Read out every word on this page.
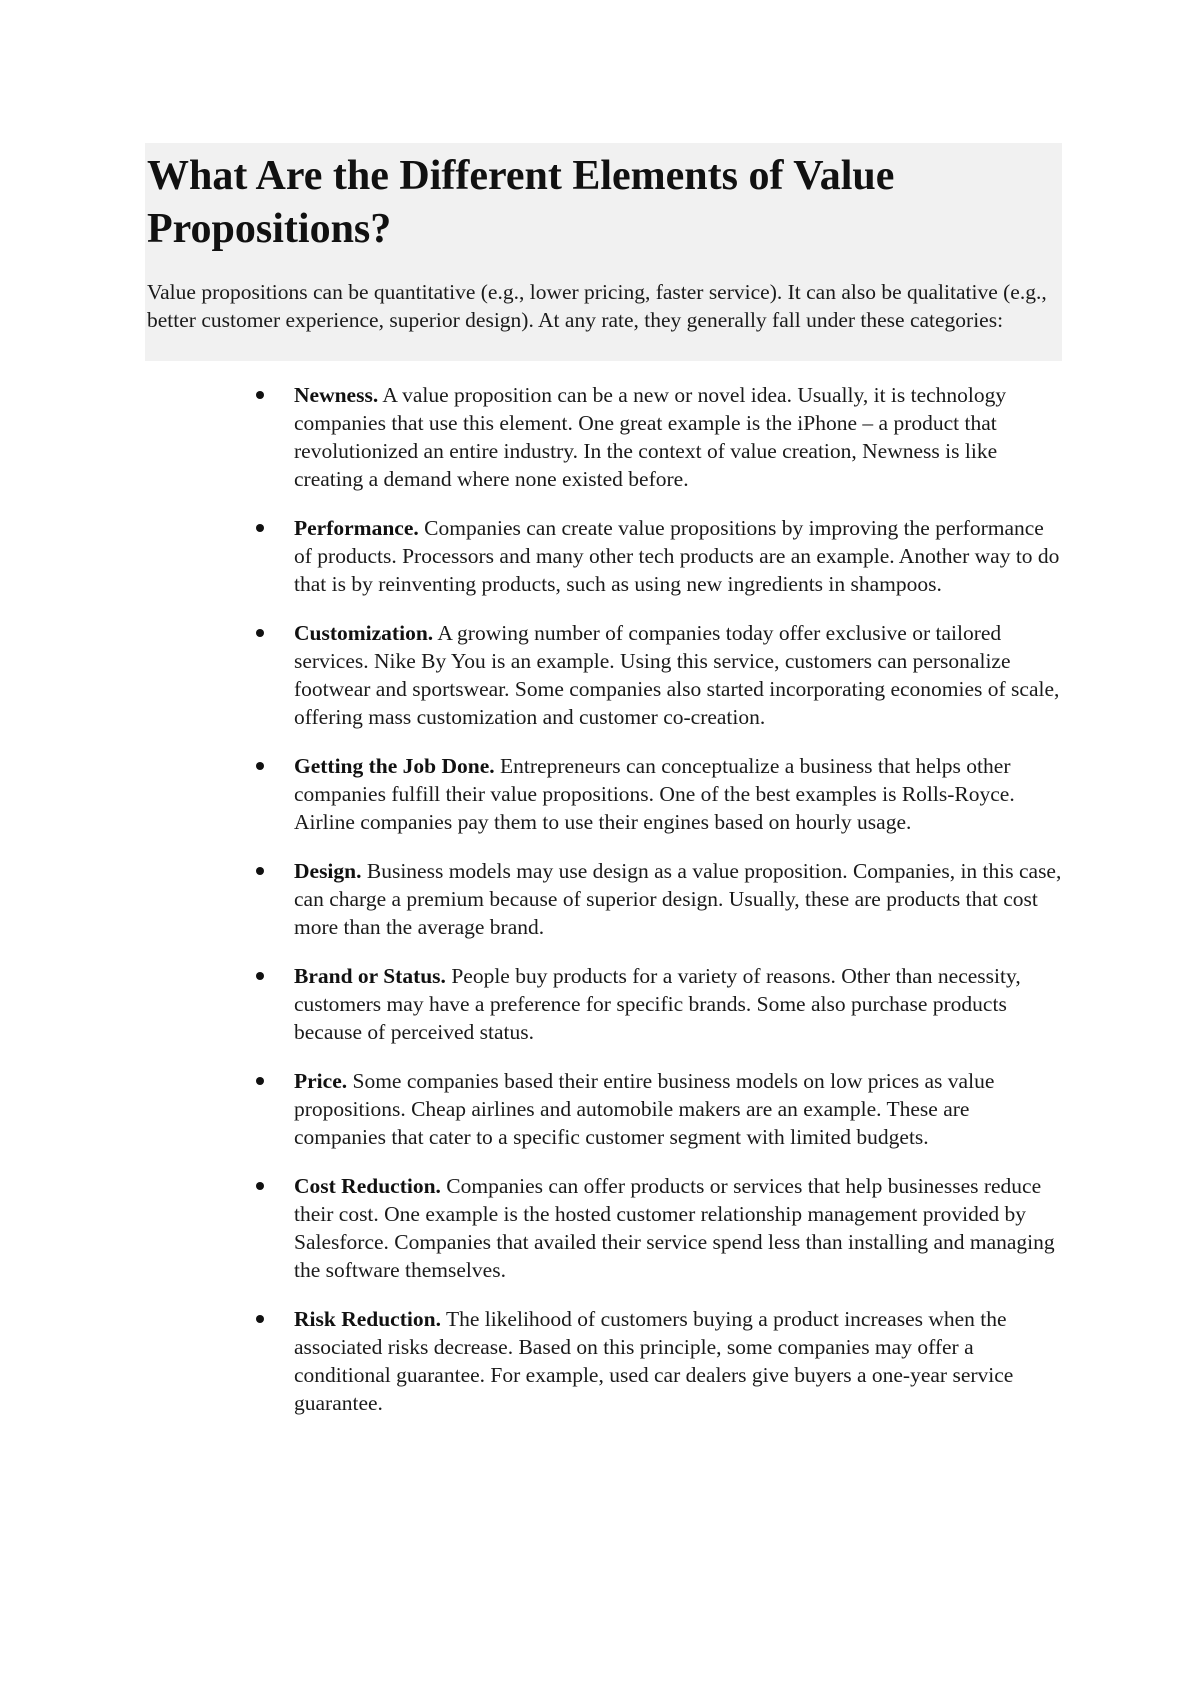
What Are the Different Elements of Value Propositions?

Value propositions can be quantitative (e.g., lower pricing, faster service). It can also be qualitative (e.g., better customer experience, superior design). At any rate, they generally fall under these categories:

Newness. A value proposition can be a new or novel idea. Usually, it is technology companies that use this element. One great example is the iPhone – a product that revolutionized an entire industry. In the context of value creation, Newness is like creating a demand where none existed before.
Performance. Companies can create value propositions by improving the performance of products. Processors and many other tech products are an example. Another way to do that is by reinventing products, such as using new ingredients in shampoos.
Customization. A growing number of companies today offer exclusive or tailored services. Nike By You is an example. Using this service, customers can personalize footwear and sportswear. Some companies also started incorporating economies of scale, offering mass customization and customer co-creation.
Getting the Job Done. Entrepreneurs can conceptualize a business that helps other companies fulfill their value propositions. One of the best examples is Rolls-Royce. Airline companies pay them to use their engines based on hourly usage.
Design. Business models may use design as a value proposition. Companies, in this case, can charge a premium because of superior design. Usually, these are products that cost more than the average brand.
Brand or Status. People buy products for a variety of reasons. Other than necessity, customers may have a preference for specific brands. Some also purchase products because of perceived status.
Price. Some companies based their entire business models on low prices as value propositions. Cheap airlines and automobile makers are an example. These are companies that cater to a specific customer segment with limited budgets.
Cost Reduction. Companies can offer products or services that help businesses reduce their cost. One example is the hosted customer relationship management provided by Salesforce. Companies that availed their service spend less than installing and managing the software themselves.
Risk Reduction. The likelihood of customers buying a product increases when the associated risks decrease. Based on this principle, some companies may offer a conditional guarantee. For example, used car dealers give buyers a one-year service guarantee.
